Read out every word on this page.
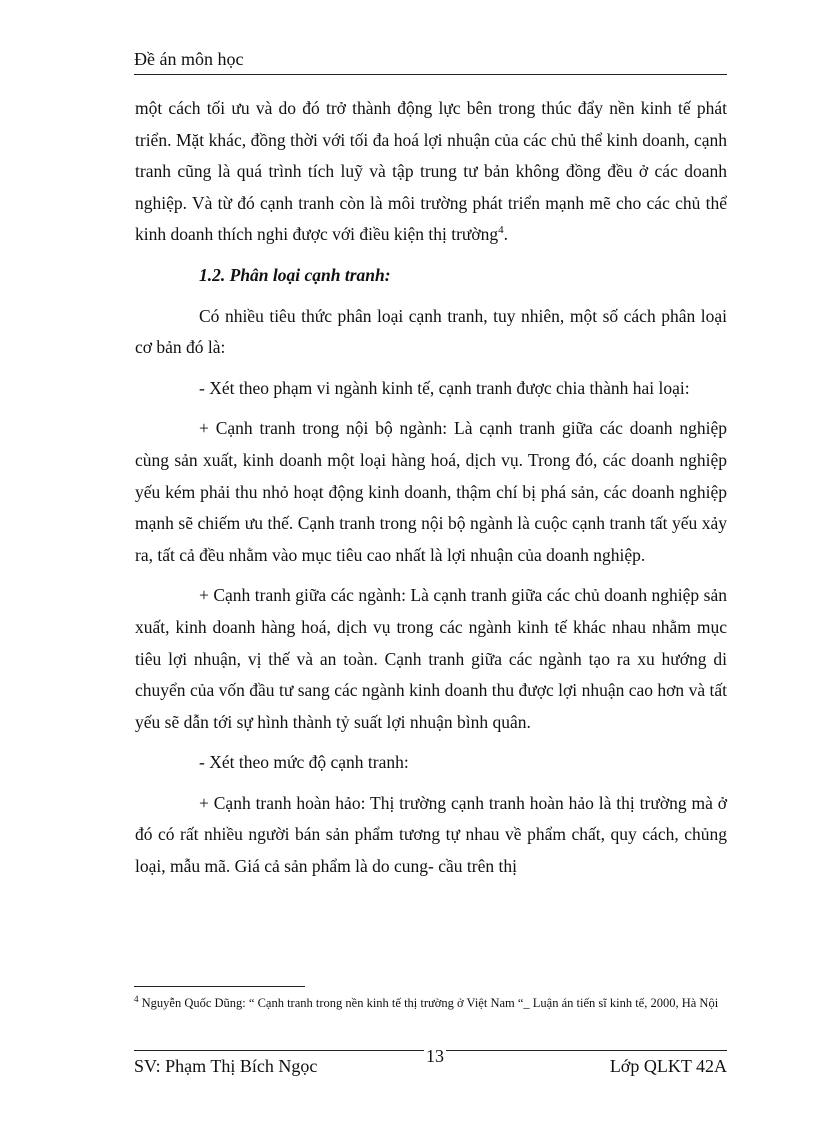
Đề án môn học

một cách tối ưu và do đó trở thành động lực bên trong thúc đẩy nền kinh tế phát triển. Mặt khác, đồng thời với tối đa hoá lợi nhuận của các chủ thể kinh doanh, cạnh tranh cũng là quá trình tích luỹ và tập trung tư bản không đồng đều ở các doanh nghiệp. Và từ đó cạnh tranh còn là môi trường phát triển mạnh mẽ cho các chủ thể kinh doanh thích nghi được với điều kiện thị trường$^4$.

1.2. Phân loại cạnh tranh:

Có nhiều tiêu thức phân loại cạnh tranh, tuy nhiên, một số cách phân loại cơ bản đó là:

- Xét theo phạm vi ngành kinh tế, cạnh tranh được chia thành hai loại:

+ Cạnh tranh trong nội bộ ngành: Là cạnh tranh giữa các doanh nghiệp cùng sản xuất, kinh doanh một loại hàng hoá, dịch vụ. Trong đó, các doanh nghiệp yếu kém phải thu nhỏ hoạt động kinh doanh, thậm chí bị phá sản, các doanh nghiệp mạnh sẽ chiếm ưu thế. Cạnh tranh trong nội bộ ngành là cuộc cạnh tranh tất yếu xảy ra, tất cả đều nhằm vào mục tiêu cao nhất là lợi nhuận của doanh nghiệp.

+ Cạnh tranh giữa các ngành: Là cạnh tranh giữa các chủ doanh nghiệp sản xuất, kinh doanh hàng hoá, dịch vụ trong các ngành kinh tế khác nhau nhằm mục tiêu lợi nhuận, vị thế và an toàn. Cạnh tranh giữa các ngành tạo ra xu hướng di chuyển của vốn đầu tư sang các ngành kinh doanh thu được lợi nhuận cao hơn và tất yếu sẽ dẫn tới sự hình thành tỷ suất lợi nhuận bình quân.

- Xét theo mức độ cạnh tranh:

+ Cạnh tranh hoàn hảo: Thị trường cạnh tranh hoàn hảo là thị trường mà ở đó có rất nhiều người bán sản phẩm tương tự nhau về phẩm chất, quy cách, chủng loại, mẫu mã. Giá cả sản phẩm là do cung- cầu trên thị

$^4$ Nguyễn Quốc Dũng: “ Cạnh tranh trong nền kinh tế thị trường ở Việt Nam “_ Luận án tiến sĩ kinh tế, 2000, Hà Nội
SV: Phạm Thị Bích Ngọc	13	Lớp QLKT 42A
